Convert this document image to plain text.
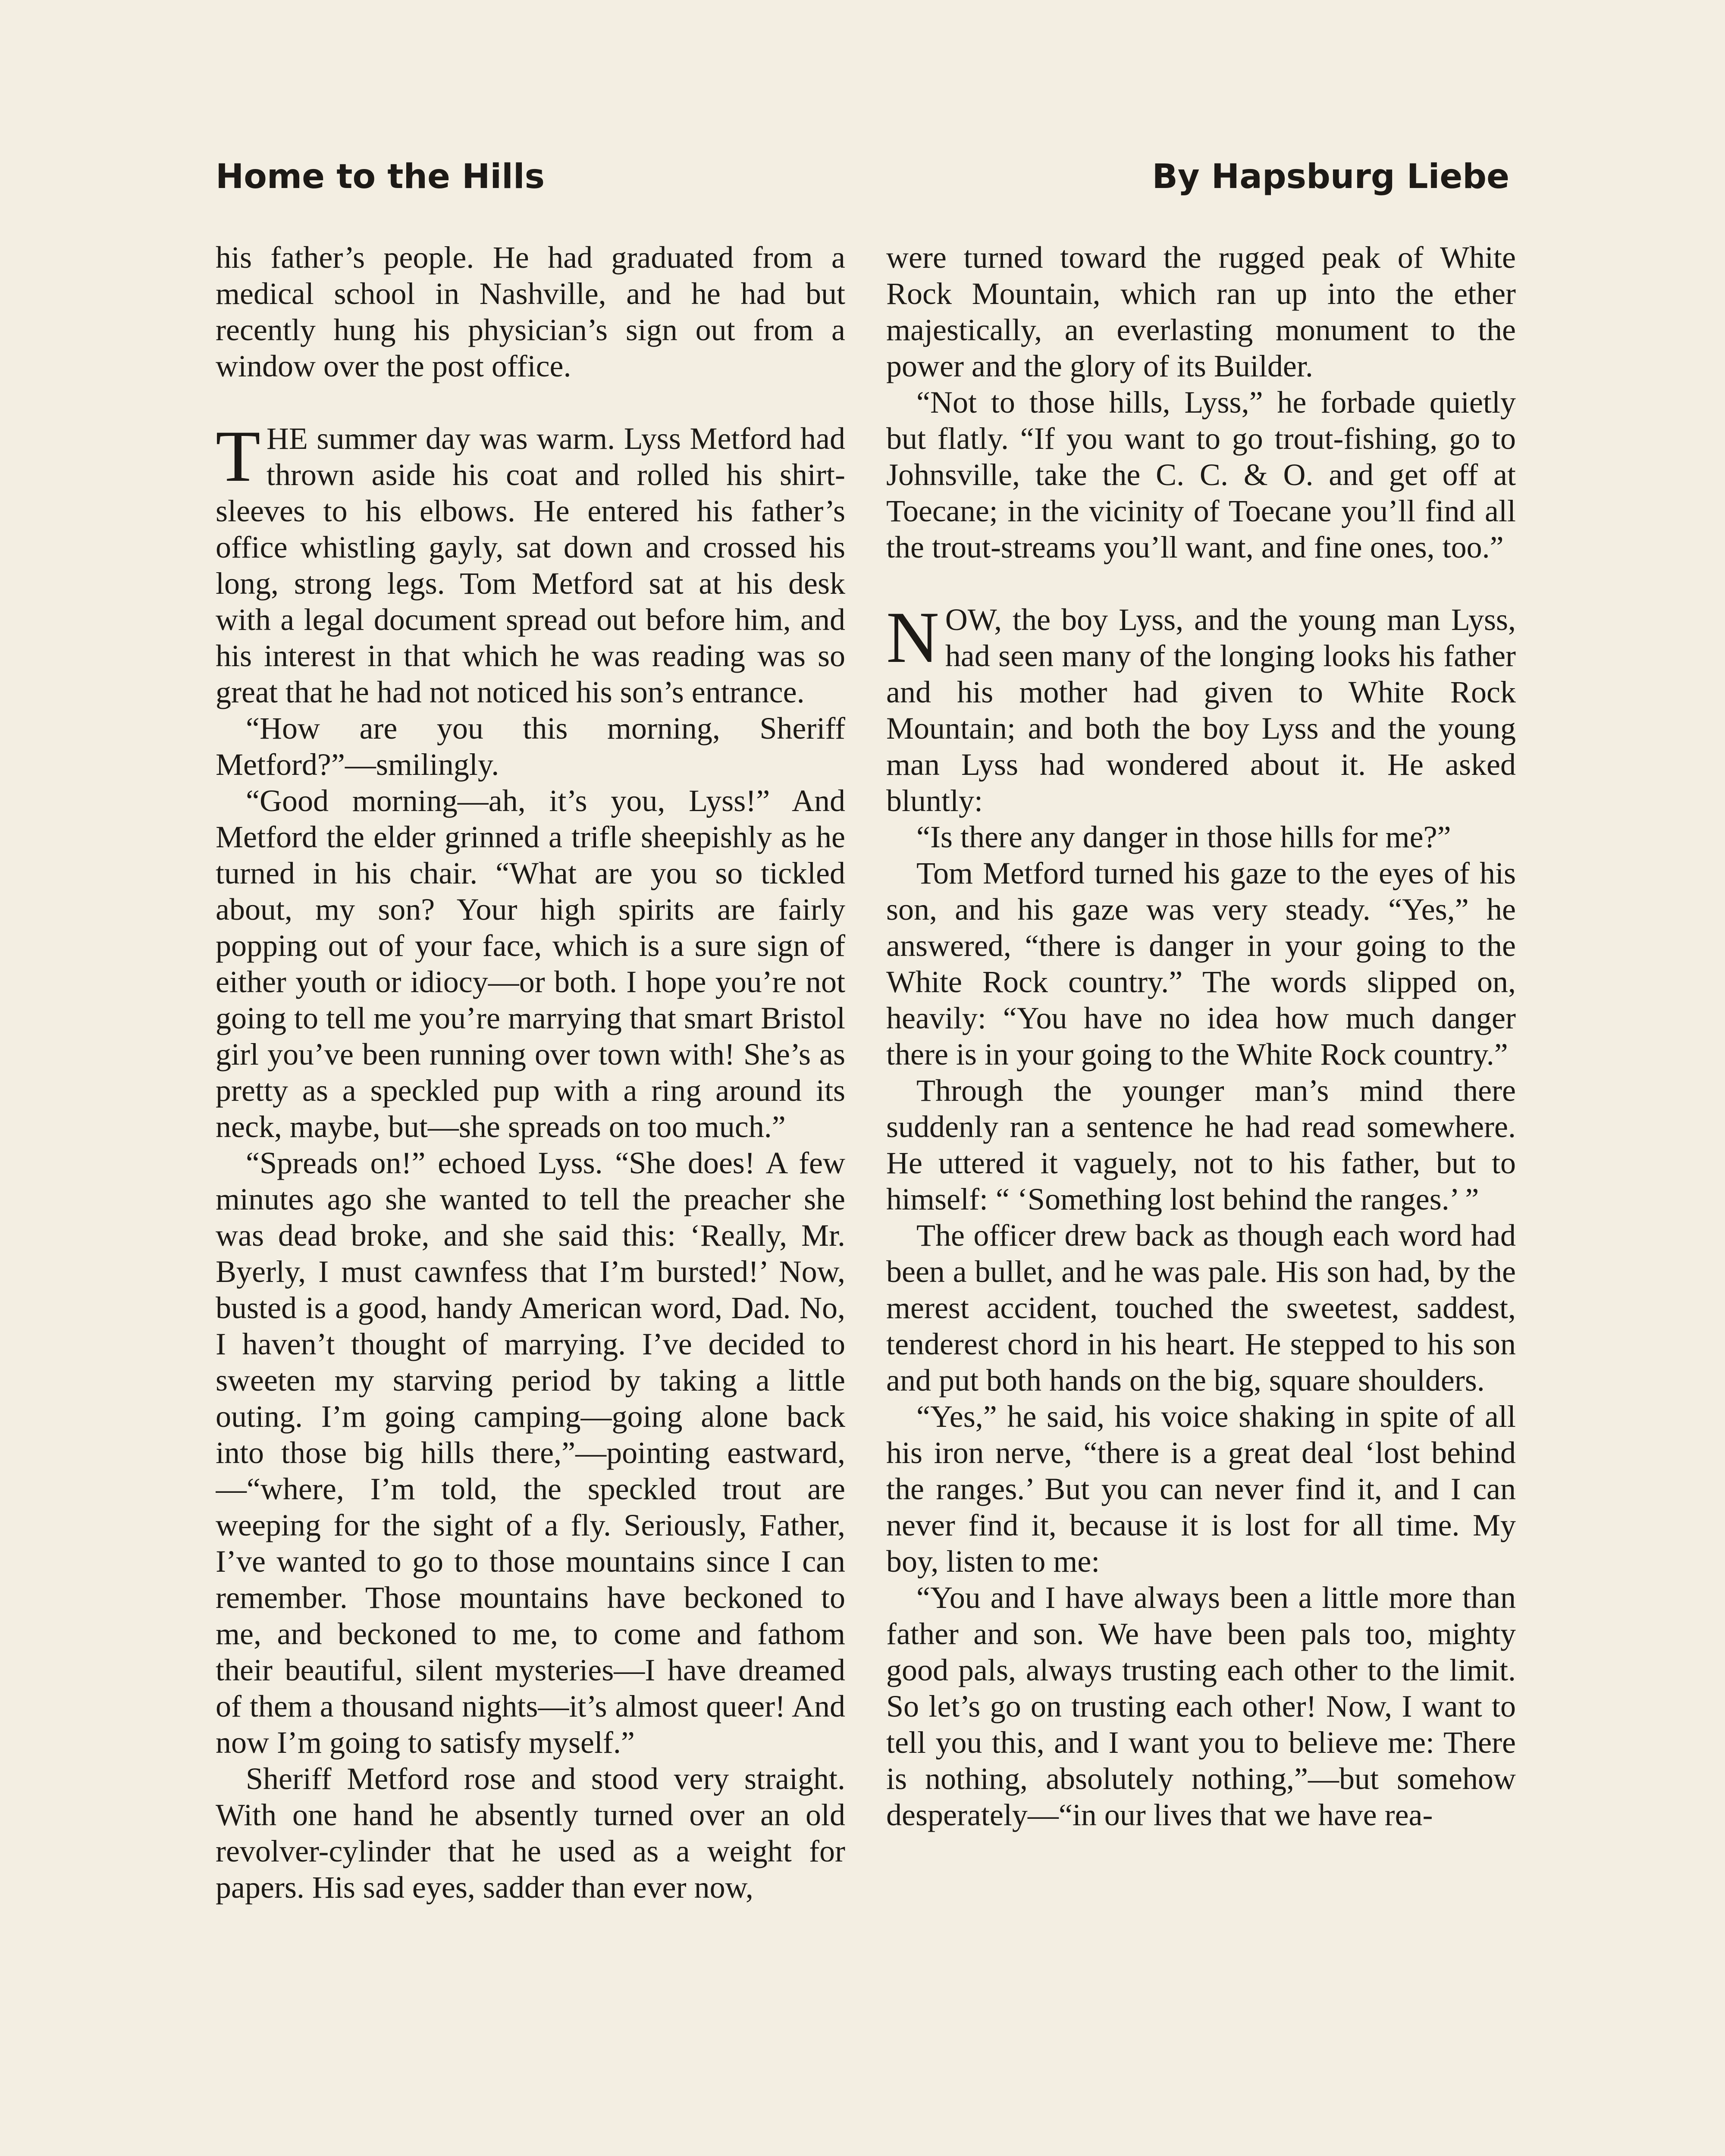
Home to the Hills	By Hapsburg Liebe

his father’s people. He had graduated from a medical school in Nashville, and he had but recently hung his physician’s sign out from a window over the post office.

THE summer day was warm. Lyss Metford had thrown aside his coat and rolled his shirt-sleeves to his elbows. He entered his father’s office whistling gayly, sat down and crossed his long, strong legs. Tom Metford sat at his desk with a legal document spread out before him, and his interest in that which he was reading was so great that he had not noticed his son’s entrance.

“How are you this morning, Sheriff Metford?”—smilingly.

“Good morning—ah, it’s you, Lyss!” And Metford the elder grinned a trifle sheepishly as he turned in his chair. “What are you so tickled about, my son? Your high spirits are fairly popping out of your face, which is a sure sign of either youth or idiocy—or both. I hope you’re not going to tell me you’re marrying that smart Bristol girl you’ve been running over town with! She’s as pretty as a speckled pup with a ring around its neck, maybe, but—she spreads on too much.”

“Spreads on!” echoed Lyss. “She does! A few minutes ago she wanted to tell the preacher she was dead broke, and she said this: ‘Really, Mr. Byerly, I must cawnfess that I’m bursted!’ Now, busted is a good, handy American word, Dad. No, I haven’t thought of marrying. I’ve decided to sweeten my starving period by taking a little outing. I’m going camping—going alone back into those big hills there,”—pointing eastward,—“where, I’m told, the speckled trout are weeping for the sight of a fly. Seriously, Father, I’ve wanted to go to those mountains since I can remember. Those mountains have beckoned to me, and beckoned to me, to come and fathom their beautiful, silent mysteries—I have dreamed of them a thousand nights—it’s almost queer! And now I’m going to satisfy myself.”

Sheriff Metford rose and stood very straight. With one hand he absently turned over an old revolver-cylinder that he used as a weight for papers. His sad eyes, sadder than ever now,

were turned toward the rugged peak of White Rock Mountain, which ran up into the ether majestically, an everlasting monument to the power and the glory of its Builder.

“Not to those hills, Lyss,” he forbade quietly but flatly. “If you want to go trout-fishing, go to Johnsville, take the C. C. & O. and get off at Toecane; in the vicinity of Toecane you’ll find all the trout-streams you’ll want, and fine ones, too.”

NOW, the boy Lyss, and the young man Lyss, had seen many of the longing looks his father and his mother had given to White Rock Mountain; and both the boy Lyss and the young man Lyss had wondered about it. He asked bluntly:

“Is there any danger in those hills for me?”

Tom Metford turned his gaze to the eyes of his son, and his gaze was very steady. “Yes,” he answered, “there is danger in your going to the White Rock country.” The words slipped on, heavily: “You have no idea how much danger there is in your going to the White Rock country.”

Through the younger man’s mind there suddenly ran a sentence he had read somewhere. He uttered it vaguely, not to his father, but to himself: “ ‘Something lost behind the ranges.’ ”

The officer drew back as though each word had been a bullet, and he was pale. His son had, by the merest accident, touched the sweetest, saddest, tenderest chord in his heart. He stepped to his son and put both hands on the big, square shoulders.

“Yes,” he said, his voice shaking in spite of all his iron nerve, “there is a great deal ‘lost behind the ranges.’ But you can never find it, and I can never find it, because it is lost for all time. My boy, listen to me:

“You and I have always been a little more than father and son. We have been pals too, mighty good pals, always trusting each other to the limit. So let’s go on trusting each other! Now, I want to tell you this, and I want you to believe me: There is nothing, absolutely nothing,”—but somehow desperately—“in our lives that we have rea-
